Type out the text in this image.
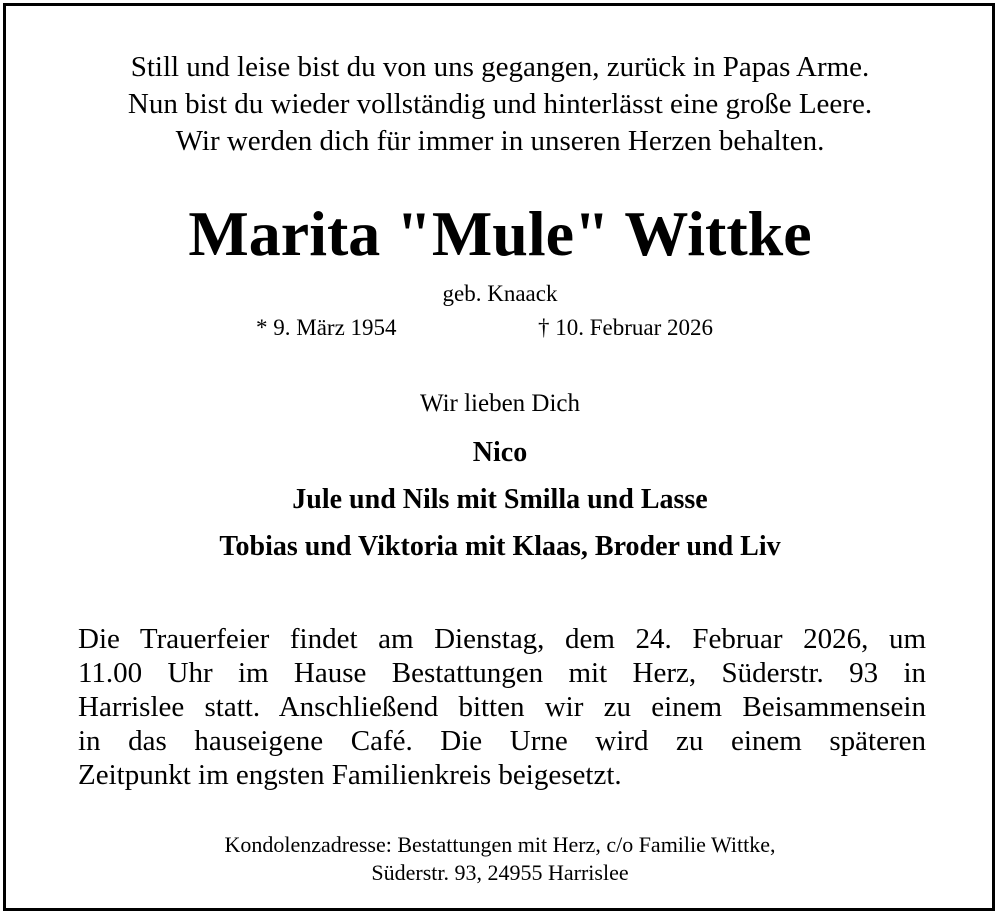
Still und leise bist du von uns gegangen, zurück in Papas Arme.
Nun bist du wieder vollständig und hinterlässt eine große Leere.
Wir werden dich für immer in unseren Herzen behalten.
Marita "Mule" Wittke
geb. Knaack
* 9. März 1954	† 10. Februar 2026
Wir lieben Dich
Nico
Jule und Nils mit Smilla und Lasse
Tobias und Viktoria mit Klaas, Broder und Liv
Die Trauerfeier findet am Dienstag, dem 24. Februar 2026, um
11.00 Uhr im Hause Bestattungen mit Herz, Süderstr. 93 in
Harrislee statt. Anschließend bitten wir zu einem Beisammensein
in das hauseigene Café. Die Urne wird zu einem späteren
Zeitpunkt im engsten Familienkreis beigesetzt.
Kondolenzadresse: Bestattungen mit Herz, c/o Familie Wittke,
Süderstr. 93, 24955 Harrislee
